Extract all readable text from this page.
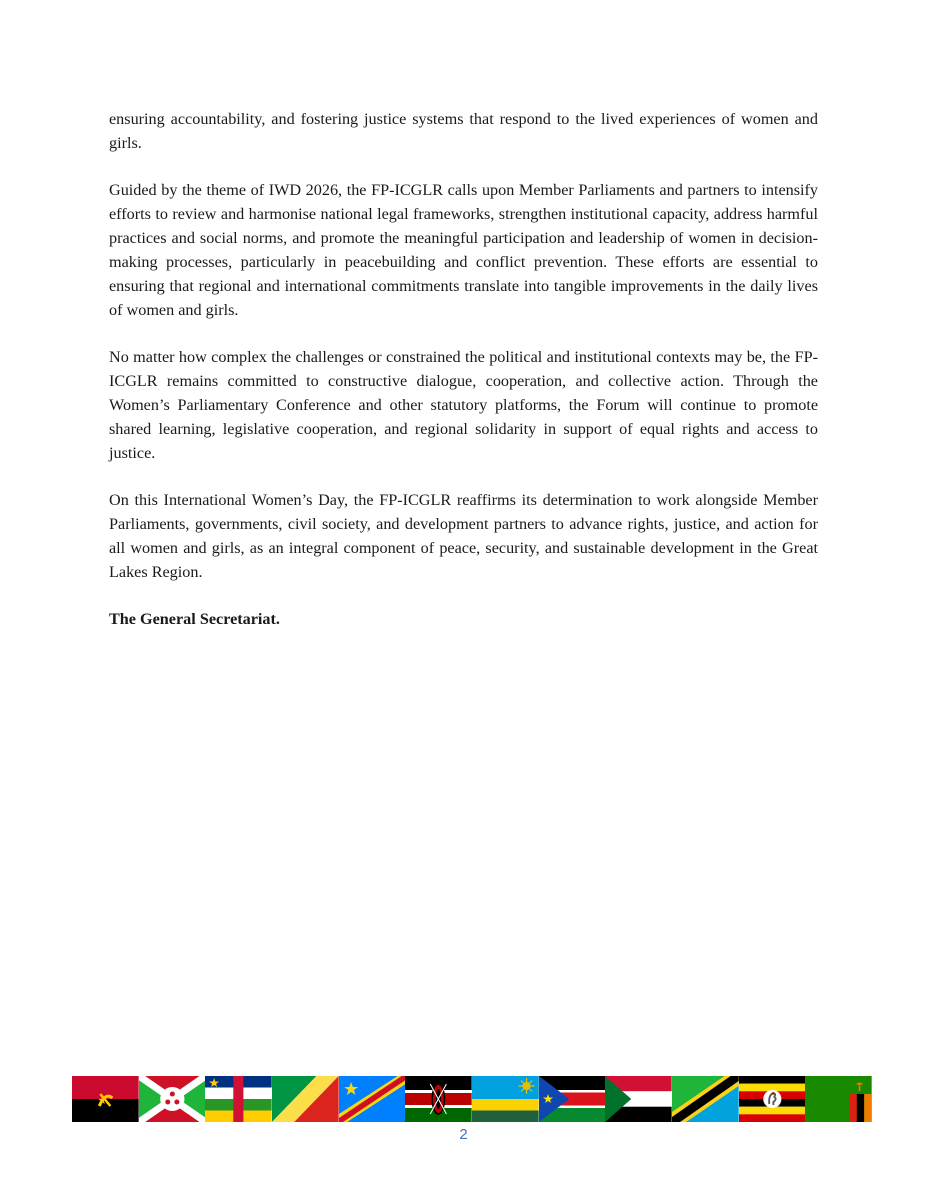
ensuring accountability, and fostering justice systems that respond to the lived experiences of women and girls.

Guided by the theme of IWD 2026, the FP-ICGLR calls upon Member Parliaments and partners to intensify efforts to review and harmonise national legal frameworks, strengthen institutional capacity, address harmful practices and social norms, and promote the meaningful participation and leadership of women in decision-making processes, particularly in peacebuilding and conflict prevention. These efforts are essential to ensuring that regional and international commitments translate into tangible improvements in the daily lives of women and girls.

No matter how complex the challenges or constrained the political and institutional contexts may be, the FP-ICGLR remains committed to constructive dialogue, cooperation, and collective action. Through the Women’s Parliamentary Conference and other statutory platforms, the Forum will continue to promote shared learning, legislative cooperation, and regional solidarity in support of equal rights and access to justice.

On this International Women’s Day, the FP-ICGLR reaffirms its determination to work alongside Member Parliaments, governments, civil society, and development partners to advance rights, justice, and action for all women and girls, as an integral component of peace, security, and sustainable development in the Great Lakes Region.

The General Secretariat.

2
